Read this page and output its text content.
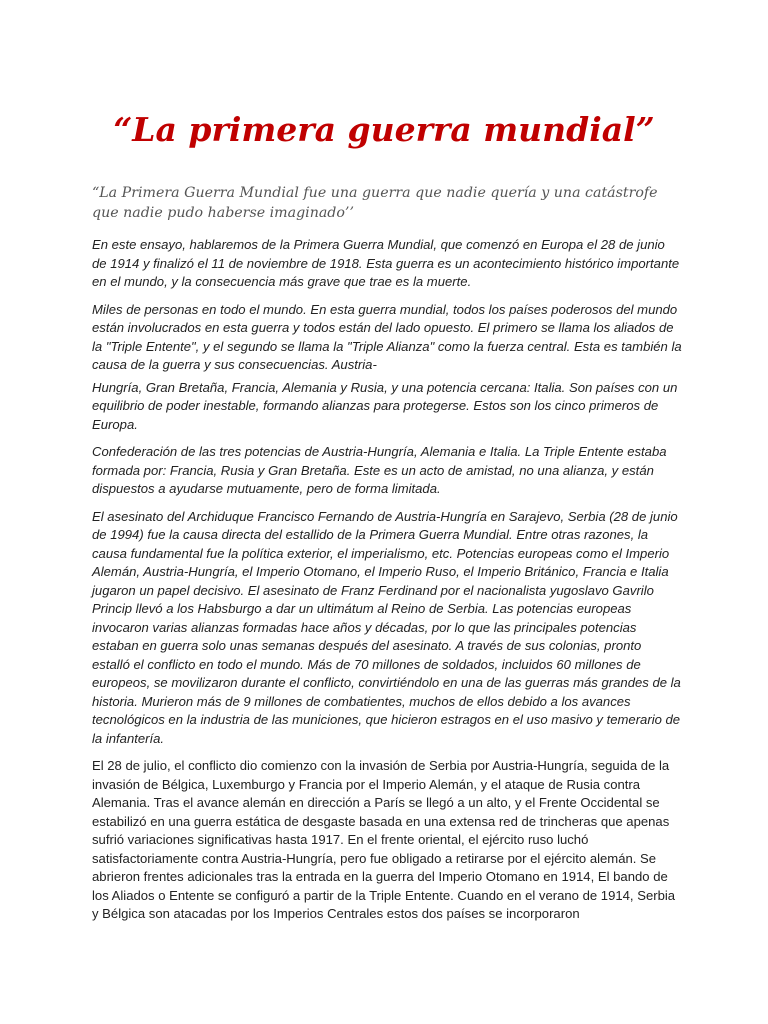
“La primera guerra mundial”

“La Primera Guerra Mundial fue una guerra que nadie quería y una catástrofe que nadie pudo haberse imaginado’’

En este ensayo, hablaremos de la Primera Guerra Mundial, que comenzó en Europa el 28 de junio de 1914 y finalizó el 11 de noviembre de 1918. Esta guerra es un acontecimiento histórico importante en el mundo, y la consecuencia más grave que trae es la muerte.

Miles de personas en todo el mundo. En esta guerra mundial, todos los países poderosos del mundo están involucrados en esta guerra y todos están del lado opuesto. El primero se llama los aliados de la "Triple Entente", y el segundo se llama la "Triple Alianza" como la fuerza central. Esta es también la causa de la guerra y sus consecuencias. Austria-

Hungría, Gran Bretaña, Francia, Alemania y Rusia, y una potencia cercana: Italia. Son países con un equilibrio de poder inestable, formando alianzas para protegerse. Estos son los cinco primeros de Europa.

Confederación de las tres potencias de Austria-Hungría, Alemania e Italia. La Triple Entente estaba formada por: Francia, Rusia y Gran Bretaña. Este es un acto de amistad, no una alianza, y están dispuestos a ayudarse mutuamente, pero de forma limitada.

El asesinato del Archiduque Francisco Fernando de Austria-Hungría en Sarajevo, Serbia (28 de junio de 1994) fue la causa directa del estallido de la Primera Guerra Mundial. Entre otras razones, la causa fundamental fue la política exterior, el imperialismo, etc. Potencias europeas como el Imperio Alemán, Austria-Hungría, el Imperio Otomano, el Imperio Ruso, el Imperio Británico, Francia e Italia jugaron un papel decisivo. El asesinato de Franz Ferdinand por el nacionalista yugoslavo Gavrilo Princip llevó a los Habsburgo a dar un ultimátum al Reino de Serbia. Las potencias europeas invocaron varias alianzas formadas hace años y décadas, por lo que las principales potencias estaban en guerra solo unas semanas después del asesinato. A través de sus colonias, pronto estalló el conflicto en todo el mundo. Más de 70 millones de soldados, incluidos 60 millones de europeos, se movilizaron durante el conflicto, convirtiéndolo en una de las guerras más grandes de la historia. Murieron más de 9 millones de combatientes, muchos de ellos debido a los avances tecnológicos en la industria de las municiones, que hicieron estragos en el uso masivo y temerario de la infantería.

El 28 de julio, el conflicto dio comienzo con la invasión de Serbia por Austria-Hungría, seguida de la invasión de Bélgica, Luxemburgo y Francia por el Imperio Alemán, y el ataque de Rusia contra Alemania. Tras el avance alemán en dirección a París se llegó a un alto, y el Frente Occidental se estabilizó en una guerra estática de desgaste basada en una extensa red de trincheras que apenas sufrió variaciones significativas hasta 1917. En el frente oriental, el ejército ruso luchó satisfactoriamente contra Austria-Hungría, pero fue obligado a retirarse por el ejército alemán. Se abrieron frentes adicionales tras la entrada en la guerra del Imperio Otomano en 1914, El bando de los Aliados o Entente se configuró a partir de la Triple Entente. Cuando en el verano de 1914, Serbia y Bélgica son atacadas por los Imperios Centrales estos dos países se incorporaron
